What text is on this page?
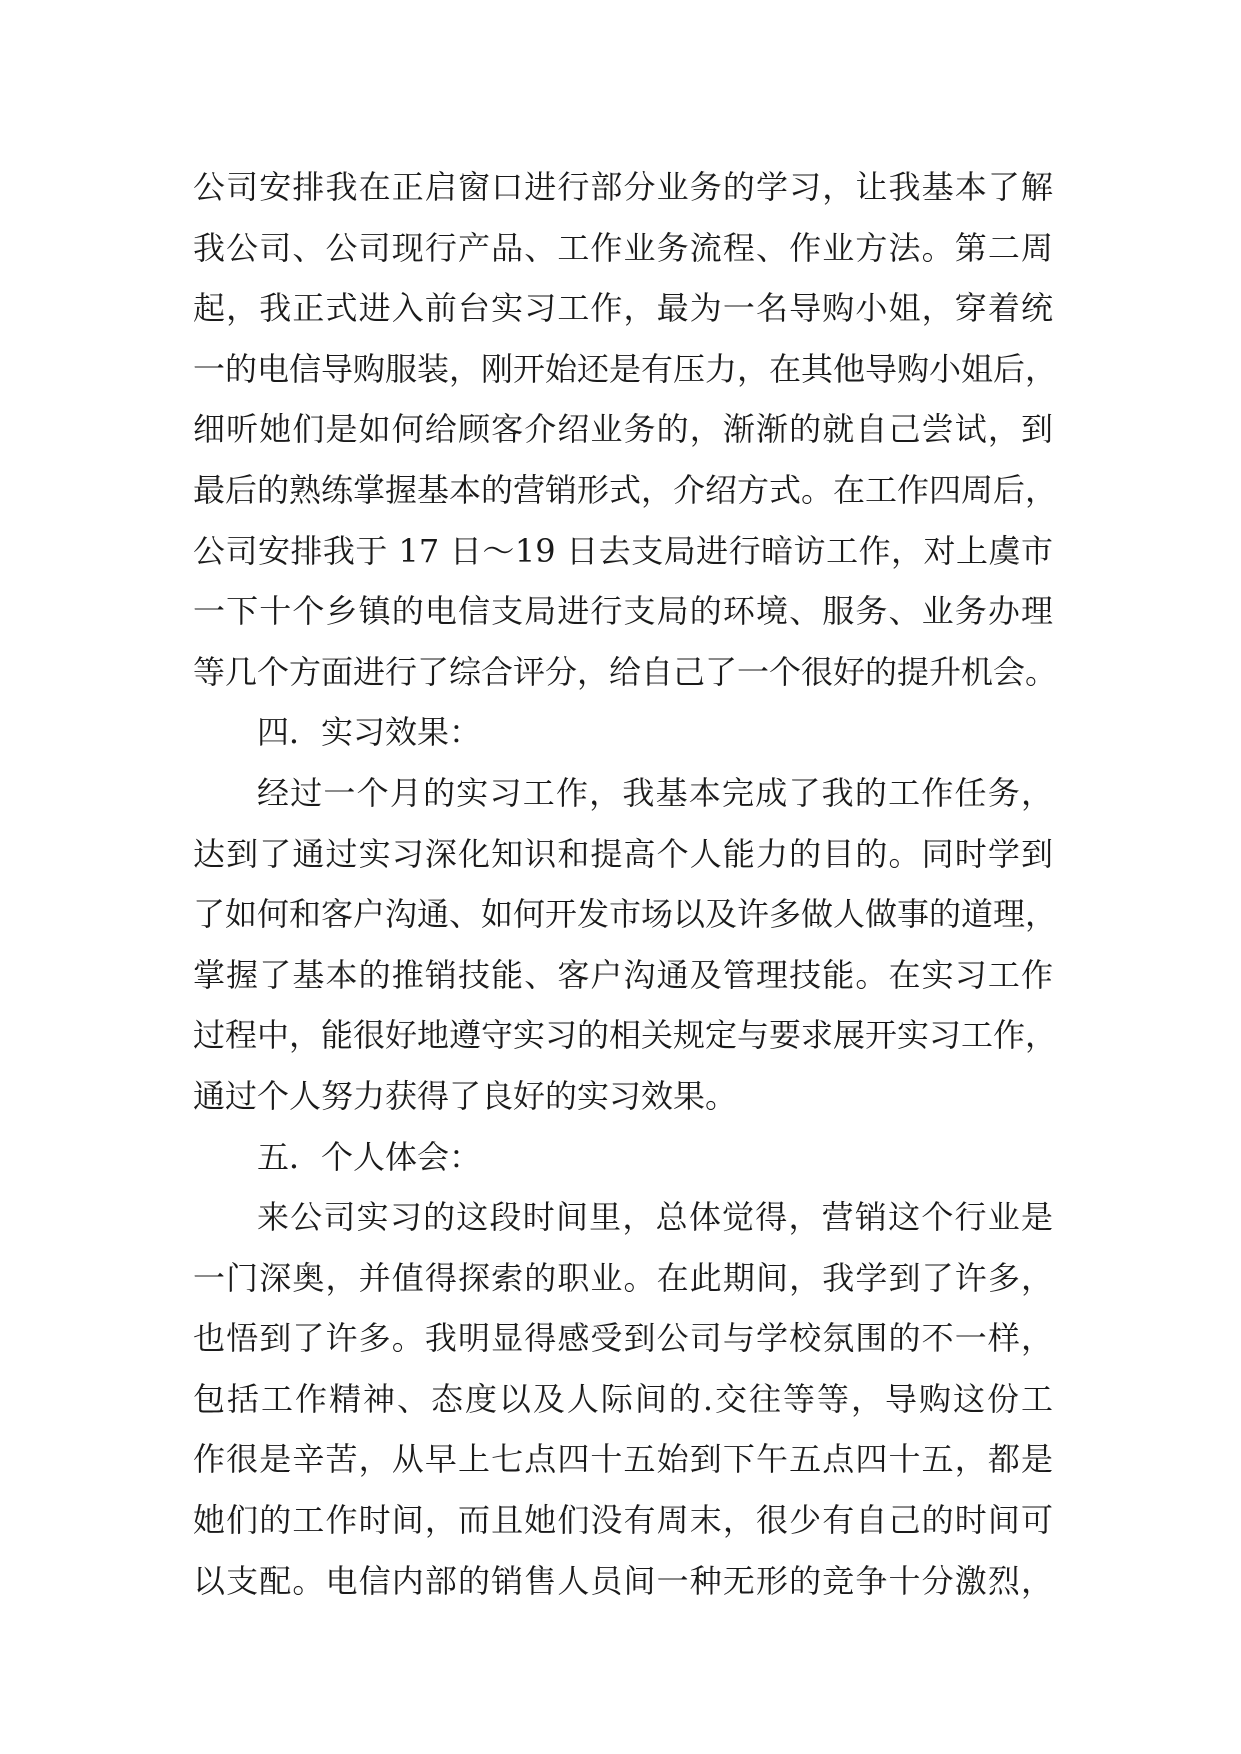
公司安排我在正启窗口进行部分业务的学习，让我基本了解
我公司、公司现行产品、工作业务流程、作业方法。第二周
起，我正式进入前台实习工作，最为一名导购小姐，穿着统
一的电信导购服装，刚开始还是有压力，在其他导购小姐后，
细听她们是如何给顾客介绍业务的，渐渐的就自己尝试，到
最后的熟练掌握基本的营销形式，介绍方式。在工作四周后，
公司安排我于 17 日～19 日去支局进行暗访工作，对上虞市
一下十个乡镇的电信支局进行支局的环境、服务、业务办理
等几个方面进行了综合评分，给自己了一个很好的提升机会。
四．实习效果：
经过一个月的实习工作，我基本完成了我的工作任务，
达到了通过实习深化知识和提高个人能力的目的。同时学到
了如何和客户沟通、如何开发市场以及许多做人做事的道理，
掌握了基本的推销技能、客户沟通及管理技能。在实习工作
过程中，能很好地遵守实习的相关规定与要求展开实习工作，
通过个人努力获得了良好的实习效果。
五．个人体会：
来公司实习的这段时间里，总体觉得，营销这个行业是
一门深奥，并值得探索的职业。在此期间，我学到了许多，
也悟到了许多。我明显得感受到公司与学校氛围的不一样，
包括工作精神、态度以及人际间的.交往等等，导购这份工
作很是辛苦，从早上七点四十五始到下午五点四十五，都是
她们的工作时间，而且她们没有周末，很少有自己的时间可
以支配。电信内部的销售人员间一种无形的竞争十分激烈，
